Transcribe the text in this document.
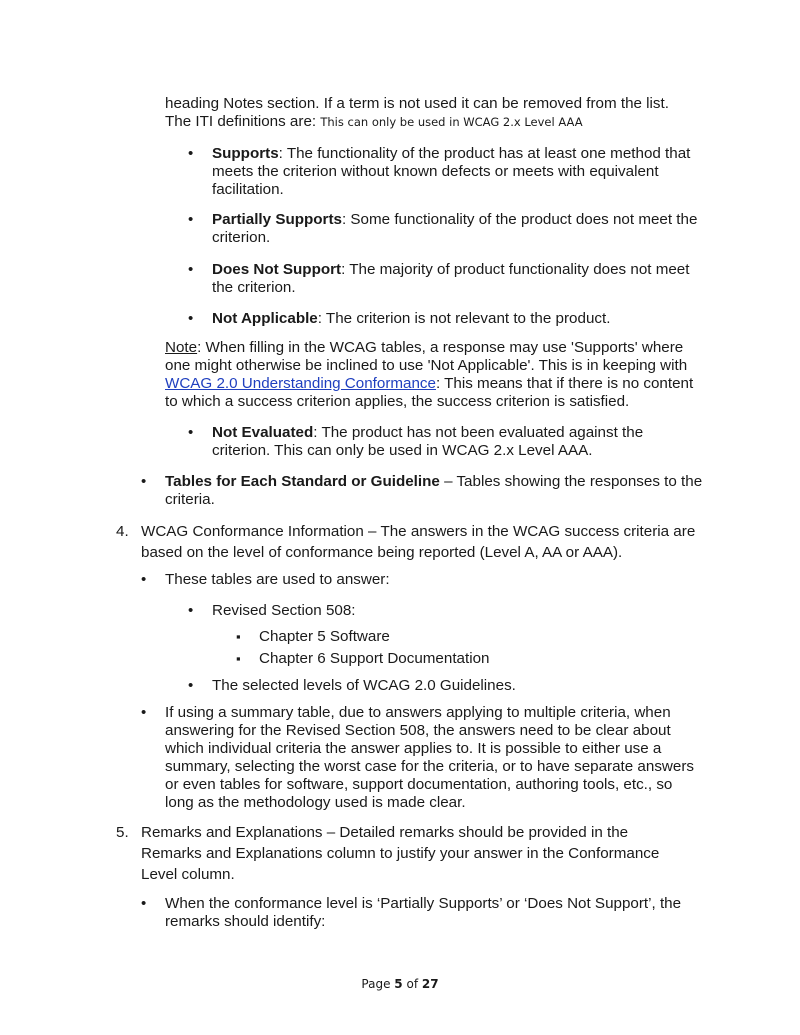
heading Notes section. If a term is not used it can be removed from the list.
The ITI definitions are: This can only be used in WCAG 2.x Level AAA
• Supports: The functionality of the product has at least one method that meets the criterion without known defects or meets with equivalent facilitation.
• Partially Supports: Some functionality of the product does not meet the criterion.
• Does Not Support: The majority of product functionality does not meet the criterion.
• Not Applicable: The criterion is not relevant to the product.
Note: When filling in the WCAG tables, a response may use 'Supports' where one might otherwise be inclined to use 'Not Applicable'. This is in keeping with WCAG 2.0 Understanding Conformance: This means that if there is no content to which a success criterion applies, the success criterion is satisfied.
• Not Evaluated: The product has not been evaluated against the criterion. This can only be used in WCAG 2.x Level AAA.
• Tables for Each Standard or Guideline – Tables showing the responses to the criteria.
4. WCAG Conformance Information – The answers in the WCAG success criteria are based on the level of conformance being reported (Level A, AA or AAA).
• These tables are used to answer:
• Revised Section 508:
▪ Chapter 5 Software
▪ Chapter 6 Support Documentation
• The selected levels of WCAG 2.0 Guidelines.
• If using a summary table, due to answers applying to multiple criteria, when answering for the Revised Section 508, the answers need to be clear about which individual criteria the answer applies to. It is possible to either use a summary, selecting the worst case for the criteria, or to have separate answers or even tables for software, support documentation, authoring tools, etc., so long as the methodology used is made clear.
5. Remarks and Explanations – Detailed remarks should be provided in the Remarks and Explanations column to justify your answer in the Conformance Level column.
• When the conformance level is ‘Partially Supports’ or ‘Does Not Support’, the remarks should identify:
Page 5 of 27
